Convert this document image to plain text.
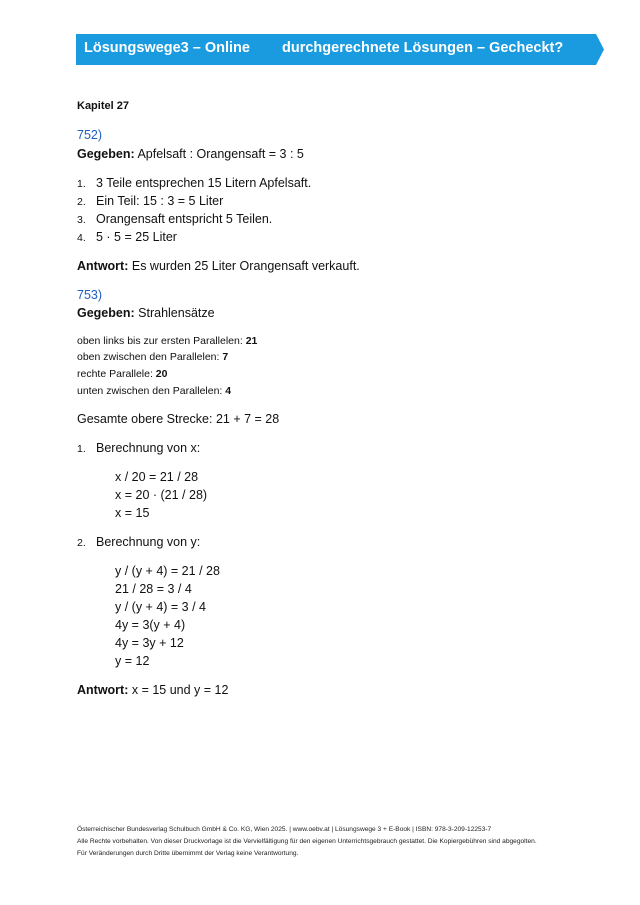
Lösungswege3 – Online durchgerechnete Lösungen – Gecheckt?
Kapitel 27
752)
Gegeben: Apfelsaft : Orangensaft = 3 : 5
1. 3 Teile entsprechen 15 Litern Apfelsaft.
2. Ein Teil: 15 : 3 = 5 Liter
3. Orangensaft entspricht 5 Teilen.
4. 5 · 5 = 25 Liter
Antwort: Es wurden 25 Liter Orangensaft verkauft.
753)
Gegeben: Strahlensätze
oben links bis zur ersten Parallelen: 21
oben zwischen den Parallelen: 7
rechte Parallele: 20
unten zwischen den Parallelen: 4
Gesamte obere Strecke: 21 + 7 = 28
1. Berechnung von x:
x / 20 = 21 / 28
x = 20 · (21 / 28)
x = 15
2. Berechnung von y:
y / (y + 4) = 21 / 28
21 / 28 = 3 / 4
y / (y + 4) = 3 / 4
4y = 3(y + 4)
4y = 3y + 12
y = 12
Antwort: x = 15 und y = 12
Österreichischer Bundesverlag Schulbuch GmbH & Co. KG, Wien 2025. | www.oebv.at | Lösungswege 3 + E-Book | ISBN: 978-3-209-12253-7
Alle Rechte vorbehalten. Von dieser Druckvorlage ist die Vervielfältigung für den eigenen Unterrichtsgebrauch gestattet. Die Kopiergebühren sind abgegolten.
Für Veränderungen durch Dritte übernimmt der Verlag keine Verantwortung.
